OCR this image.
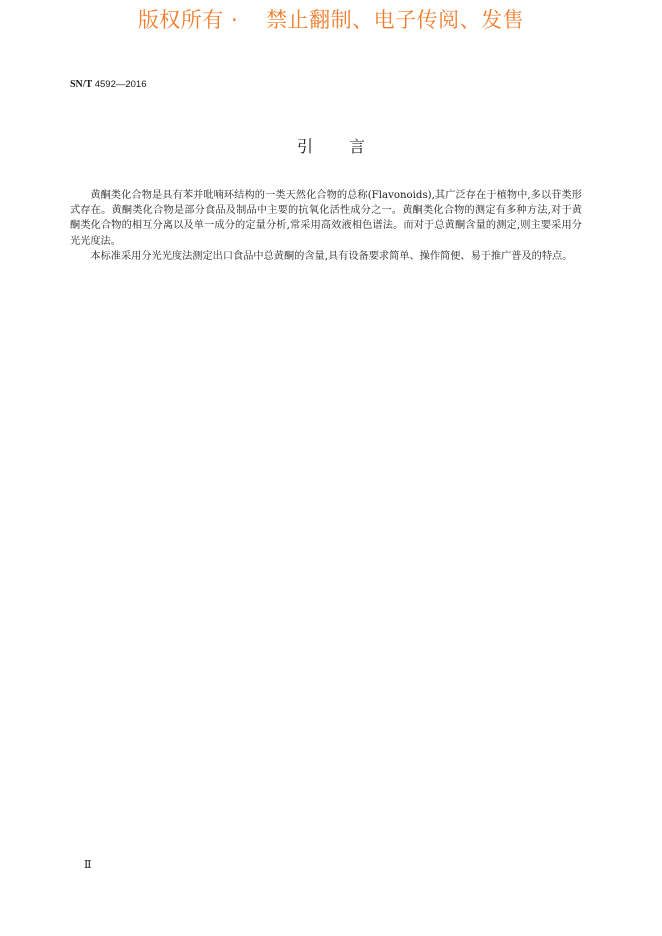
版权所有 · 禁止翻制、电子传阅、发售
SN/T 4592—2016
引言

黄酮类化合物是具有苯并吡喃环结构的一类天然化合物的总称(Flavonoids),其广泛存在于植物中,多以苷类形式存在。黄酮类化合物是部分食品及制品中主要的抗氧化活性成分之一。黄酮类化合物的测定有多种方法,对于黄酮类化合物的相互分离以及单一成分的定量分析,常采用高效液相色谱法。而对于总黄酮含量的测定,则主要采用分光光度法。

本标准采用分光光度法测定出口食品中总黄酮的含量,具有设备要求简单、操作简便、易于推广普及的特点。

Ⅱ
